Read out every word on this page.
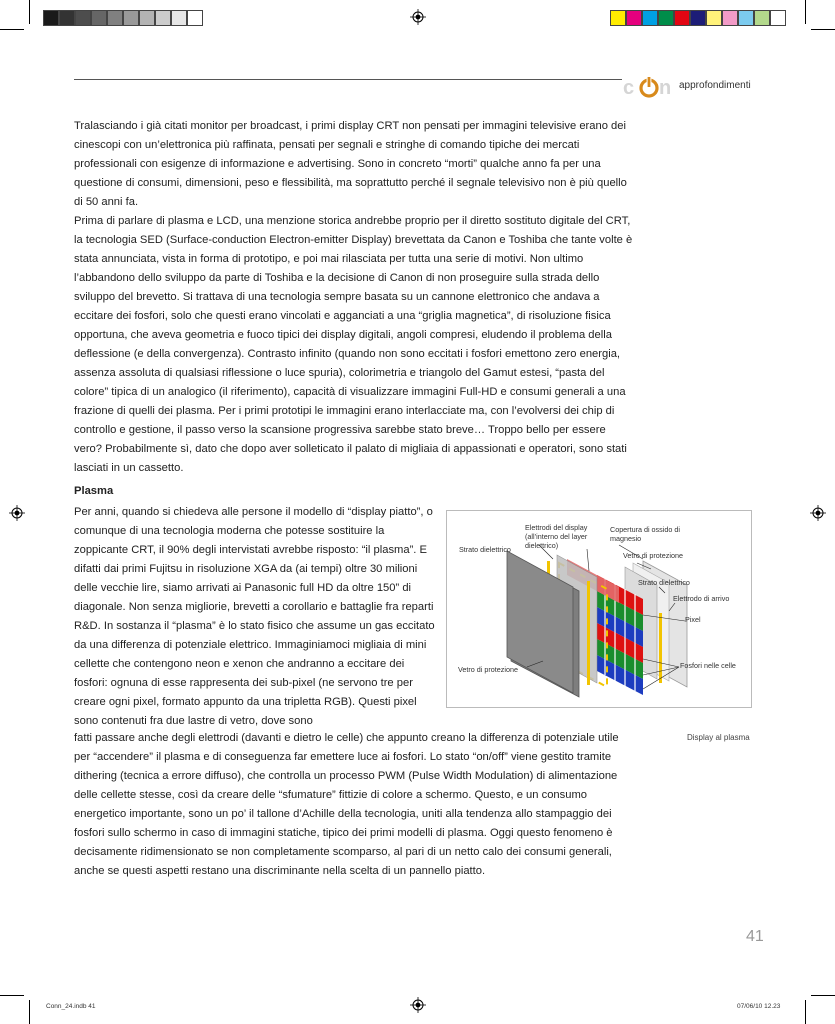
c n approfondimenti

Tralasciando i già citati monitor per broadcast, i primi display CRT non pensati per immagini televisive erano dei cinescopi con un’elettronica più raffinata, pensati per segnali e stringhe di comando tipiche dei mercati professionali con esigenze di informazione e advertising. Sono in concreto “morti” qualche anno fa per una questione di consumi, dimensioni, peso e flessibilità, ma soprattutto perché il segnale televisivo non è più quello di 50 anni fa.

Prima di parlare di plasma e LCD, una menzione storica andrebbe proprio per il diretto sostituto digitale del CRT, la tecnologia SED (Surface-conduction Electron-emitter Display) brevettata da Canon e Toshiba che tante volte è stata annunciata, vista in forma di prototipo, e poi mai rilasciata per tutta una serie di motivi. Non ultimo l’abbandono dello sviluppo da parte di Toshiba e la decisione di Canon di non proseguire sulla strada dello sviluppo del brevetto. Si trattava di una tecnologia sempre basata su un cannone elettronico che andava a eccitare dei fosfori, solo che questi erano vincolati e agganciati a una “griglia magnetica”, di risoluzione fisica opportuna, che aveva geometria e fuoco tipici dei display digitali, angoli compresi, eludendo il problema della deflessione (e della convergenza). Contrasto infinito (quando non sono eccitati i fosfori emettono zero energia, assenza assoluta di qualsiasi riflessione o luce spuria), colorimetria e triangolo del Gamut estesi, “pasta del colore” tipica di un analogico (il riferimento), capacità di visualizzare immagini Full-HD e consumi generali a una frazione di quelli dei plasma. Per i primi prototipi le immagini erano interlacciate ma, con l’evolversi dei chip di controllo e gestione, il passo verso la scansione progressiva sarebbe stato breve… Troppo bello per essere vero? Probabilmente sì, dato che dopo aver solleticato il palato di migliaia di appassionati e operatori, sono stati lasciati in un cassetto.

Plasma

Per anni, quando si chiedeva alle persone il modello di “display piatto”, o comunque di una tecnologia moderna che potesse sostituire la zoppicante CRT, il 90% degli intervistati avrebbe risposto: “il plasma”. E difatti dai primi Fujitsu in risoluzione XGA da (ai tempi) oltre 30 milioni delle vecchie lire, siamo arrivati ai Panasonic full HD da oltre 150” di diagonale. Non senza migliorie, brevetti a corollario e battaglie fra reparti R&D. In sostanza il “plasma” è lo stato fisico che assume un gas eccitato da una differenza di potenziale elettrico. Immaginiamoci migliaia di mini cellette che contengono neon e xenon che andranno a eccitare dei fosfori: ognuna di esse rappresenta dei sub-pixel (ne servono tre per creare ogni pixel, formato appunto da una tripletta RGB). Questi pixel sono contenuti fra due lastre di vetro, dove sono

fatti passare anche degli elettrodi (davanti e dietro le celle) che appunto creano la differenza di potenziale utile per “accendere” il plasma e di conseguenza far emettere luce ai fosfori. Lo stato “on/off” viene gestito tramite dithering (tecnica a errore diffuso), che controlla un processo PWM (Pulse Width Modulation) di alimentazione delle cellette stesse, così da creare delle “sfumature” fittizie di colore a schermo. Questo, e un consumo energetico importante, sono un po’ il tallone d’Achille della tecnologia, uniti alla tendenza allo stampaggio dei fosfori sullo schermo in caso di immagini statiche, tipico dei primi modelli di plasma. Oggi questo fenomeno è decisamente ridimensionato se non completamente scomparso, al pari di un netto calo dei consumi generali, anche se questi aspetti restano una discriminante nella scelta di un pannello piatto.

Elettrodi del display (all’interno del layer dielettrico)
Copertura di ossido di magnesio
Strato dielettrico
Vetro di protezione
Strato dielettrico
Elettrodo di arrivo
Pixel
Vetro di protezione	Fosfori nelle celle
Display al plasma
41
Conn_24.indb 41	07/06/10 12.23
